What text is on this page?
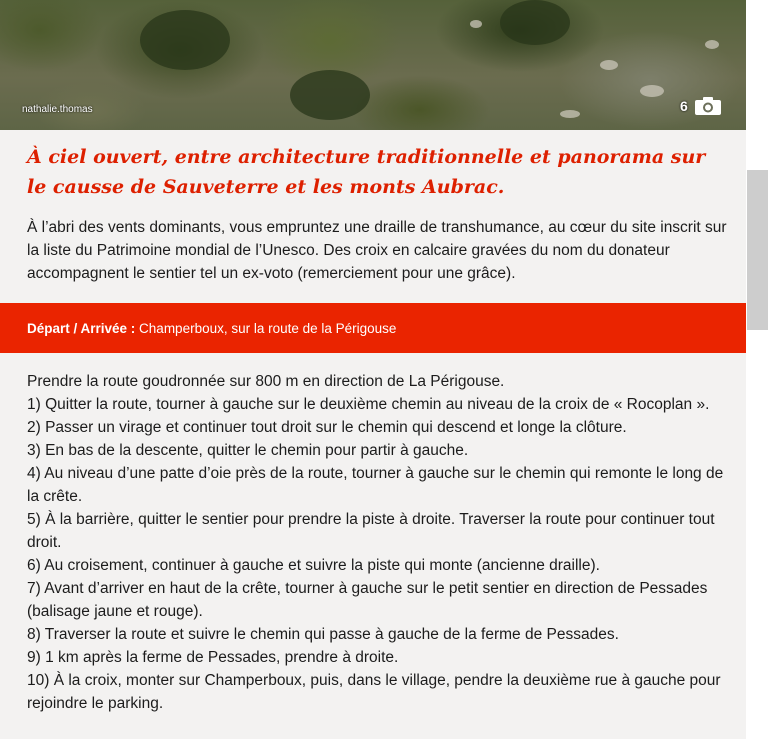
nathalie.thomas	6
À ciel ouvert, entre architecture traditionnelle et panorama sur le causse de Sauveterre et les monts Aubrac.

À l’abri des vents dominants, vous empruntez une draille de transhumance, au cœur du site inscrit sur la liste du Patrimoine mondial de l’Unesco. Des croix en calcaire gravées du nom du donateur accompagnent le sentier tel un ex-voto (remerciement pour une grâce).

Départ / Arrivée : Champerboux, sur la route de la Périgouse
Prendre la route goudronnée sur 800 m en direction de La Périgouse.
1) Quitter la route, tourner à gauche sur le deuxième chemin au niveau de la croix de « Rocoplan ».
2) Passer un virage et continuer tout droit sur le chemin qui descend et longe la clôture.
3) En bas de la descente, quitter le chemin pour partir à gauche.
4) Au niveau d’une patte d’oie près de la route, tourner à gauche sur le chemin qui remonte le long de la crête.
5) À la barrière, quitter le sentier pour prendre la piste à droite. Traverser la route pour continuer tout droit.
6) Au croisement, continuer à gauche et suivre la piste qui monte (ancienne draille).
7) Avant d’arriver en haut de la crête, tourner à gauche sur le petit sentier en direction de Pessades (balisage jaune et rouge).
8) Traverser la route et suivre le chemin qui passe à gauche de la ferme de Pessades.
9) 1 km après la ferme de Pessades, prendre à droite.
10) À la croix, monter sur Champerboux, puis, dans le village, pendre la deuxième rue à gauche pour rejoindre le parking.
